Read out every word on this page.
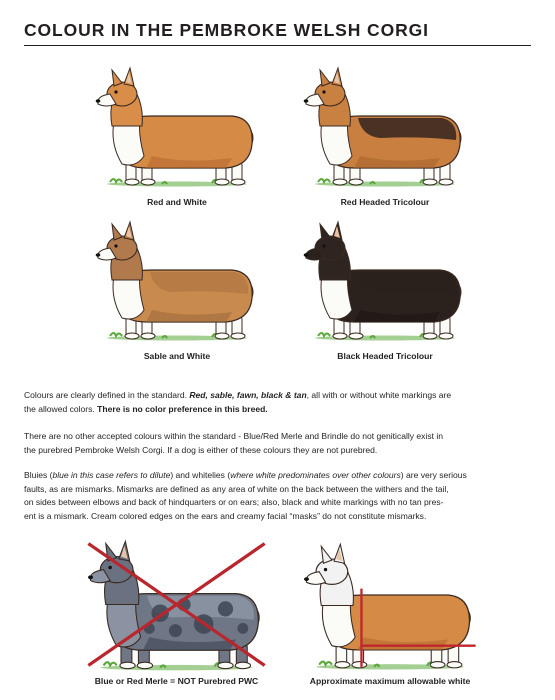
COLOUR IN THE PEMBROKE WELSH CORGI
Red and White	Red Headed Tricolour
Sable and White	Black Headed Tricolour

Colours are clearly defined in the standard. Red, sable, fawn, black & tan, all with or without white markings are
the allowed colors. There is no color preference in this breed.

There are no other accepted colours within the standard - Blue/Red Merle and Brindle do not genitically exist in
the purebred Pembroke Welsh Corgi. If a dog is either of these colours they are not purebred.

Bluies (blue in this case refers to dilute) and whitelies (where white predominates over other colours) are very serious
faults, as are mismarks. Mismarks are defined as any area of white on the back between the withers and the tail,
on sides between elbows and back of hindquarters or on ears; also, black and white markings with no tan pres-
ent is a mismark. Cream colored edges on the ears and creamy facial “masks” do not constitute mismarks.

Blue or Red Merle = NOT Purebred PWC	Approximate maximum allowable white
